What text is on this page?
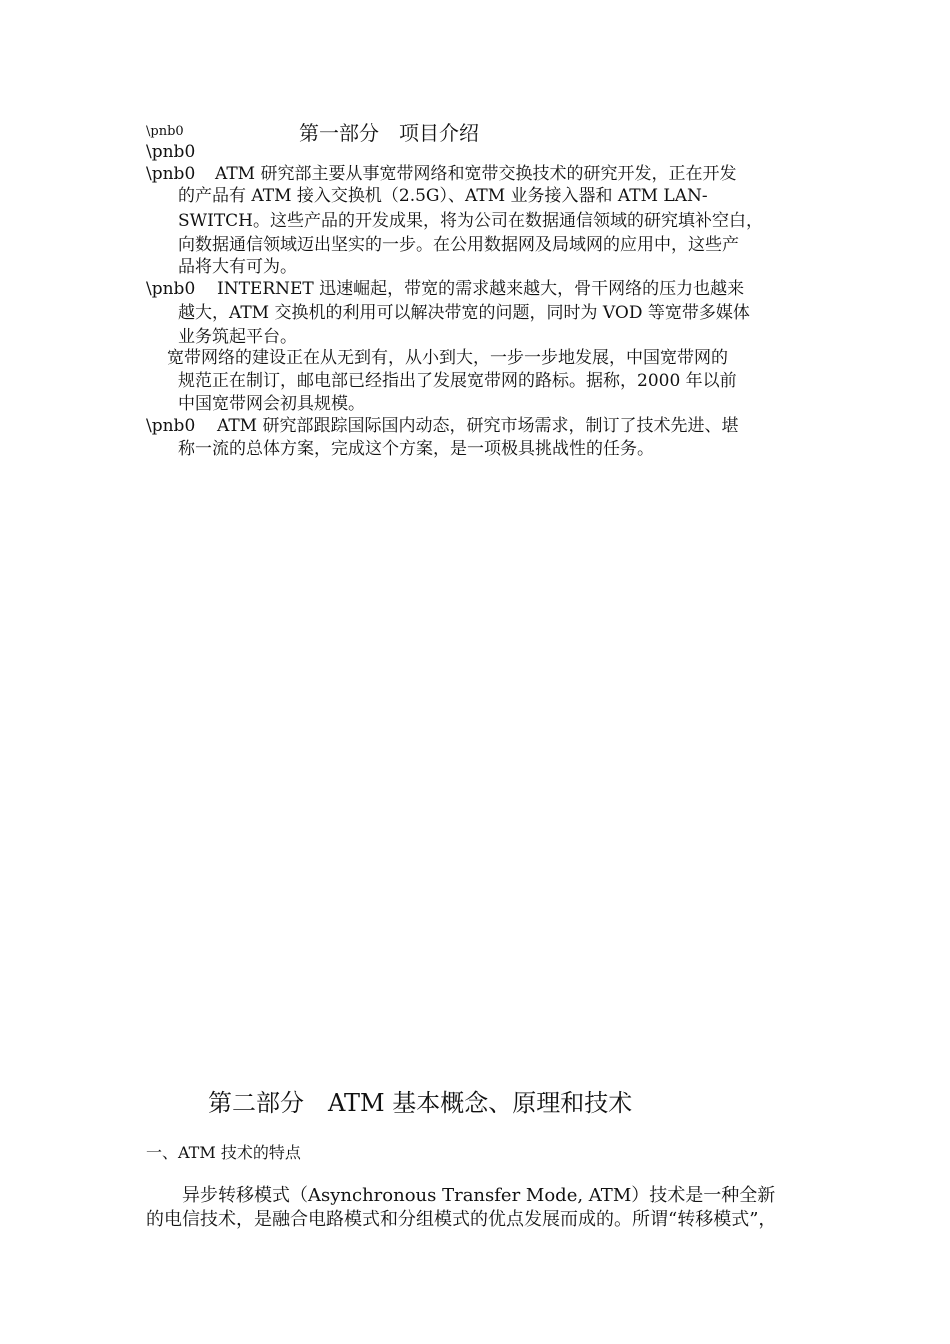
\pnb0	第一部分　项目介绍
\pnb0
\pnb0 ATM 研究部主要从事宽带网络和宽带交换技术的研究开发，正在开发
的产品有 ATM 接入交换机（2.5G）、ATM 业务接入器和 ATM LAN-
SWITCH。这些产品的开发成果，将为公司在数据通信领域的研究填补空白，
向数据通信领域迈出坚实的一步。在公用数据网及局域网的应用中，这些产
品将大有可为。
\pnb0 INTERNET 迅速崛起，带宽的需求越来越大，骨干网络的压力也越来
越大，ATM 交换机的利用可以解决带宽的问题，同时为 VOD 等宽带多媒体
业务筑起平台。
宽带网络的建设正在从无到有，从小到大，一步一步地发展，中国宽带网的
规范正在制订，邮电部已经指出了发展宽带网的路标。据称，2000 年以前
中国宽带网会初具规模。
\pnb0 ATM 研究部跟踪国际国内动态，研究市场需求，制订了技术先进、堪
称一流的总体方案，完成这个方案，是一项极具挑战性的任务。
第二部分　ATM 基本概念、原理和技术
一、ATM 技术的特点
异步转移模式（Asynchronous Transfer Mode, ATM）技术是一种全新
的电信技术，是融合电路模式和分组模式的优点发展而成的。所谓“转移模式”，
